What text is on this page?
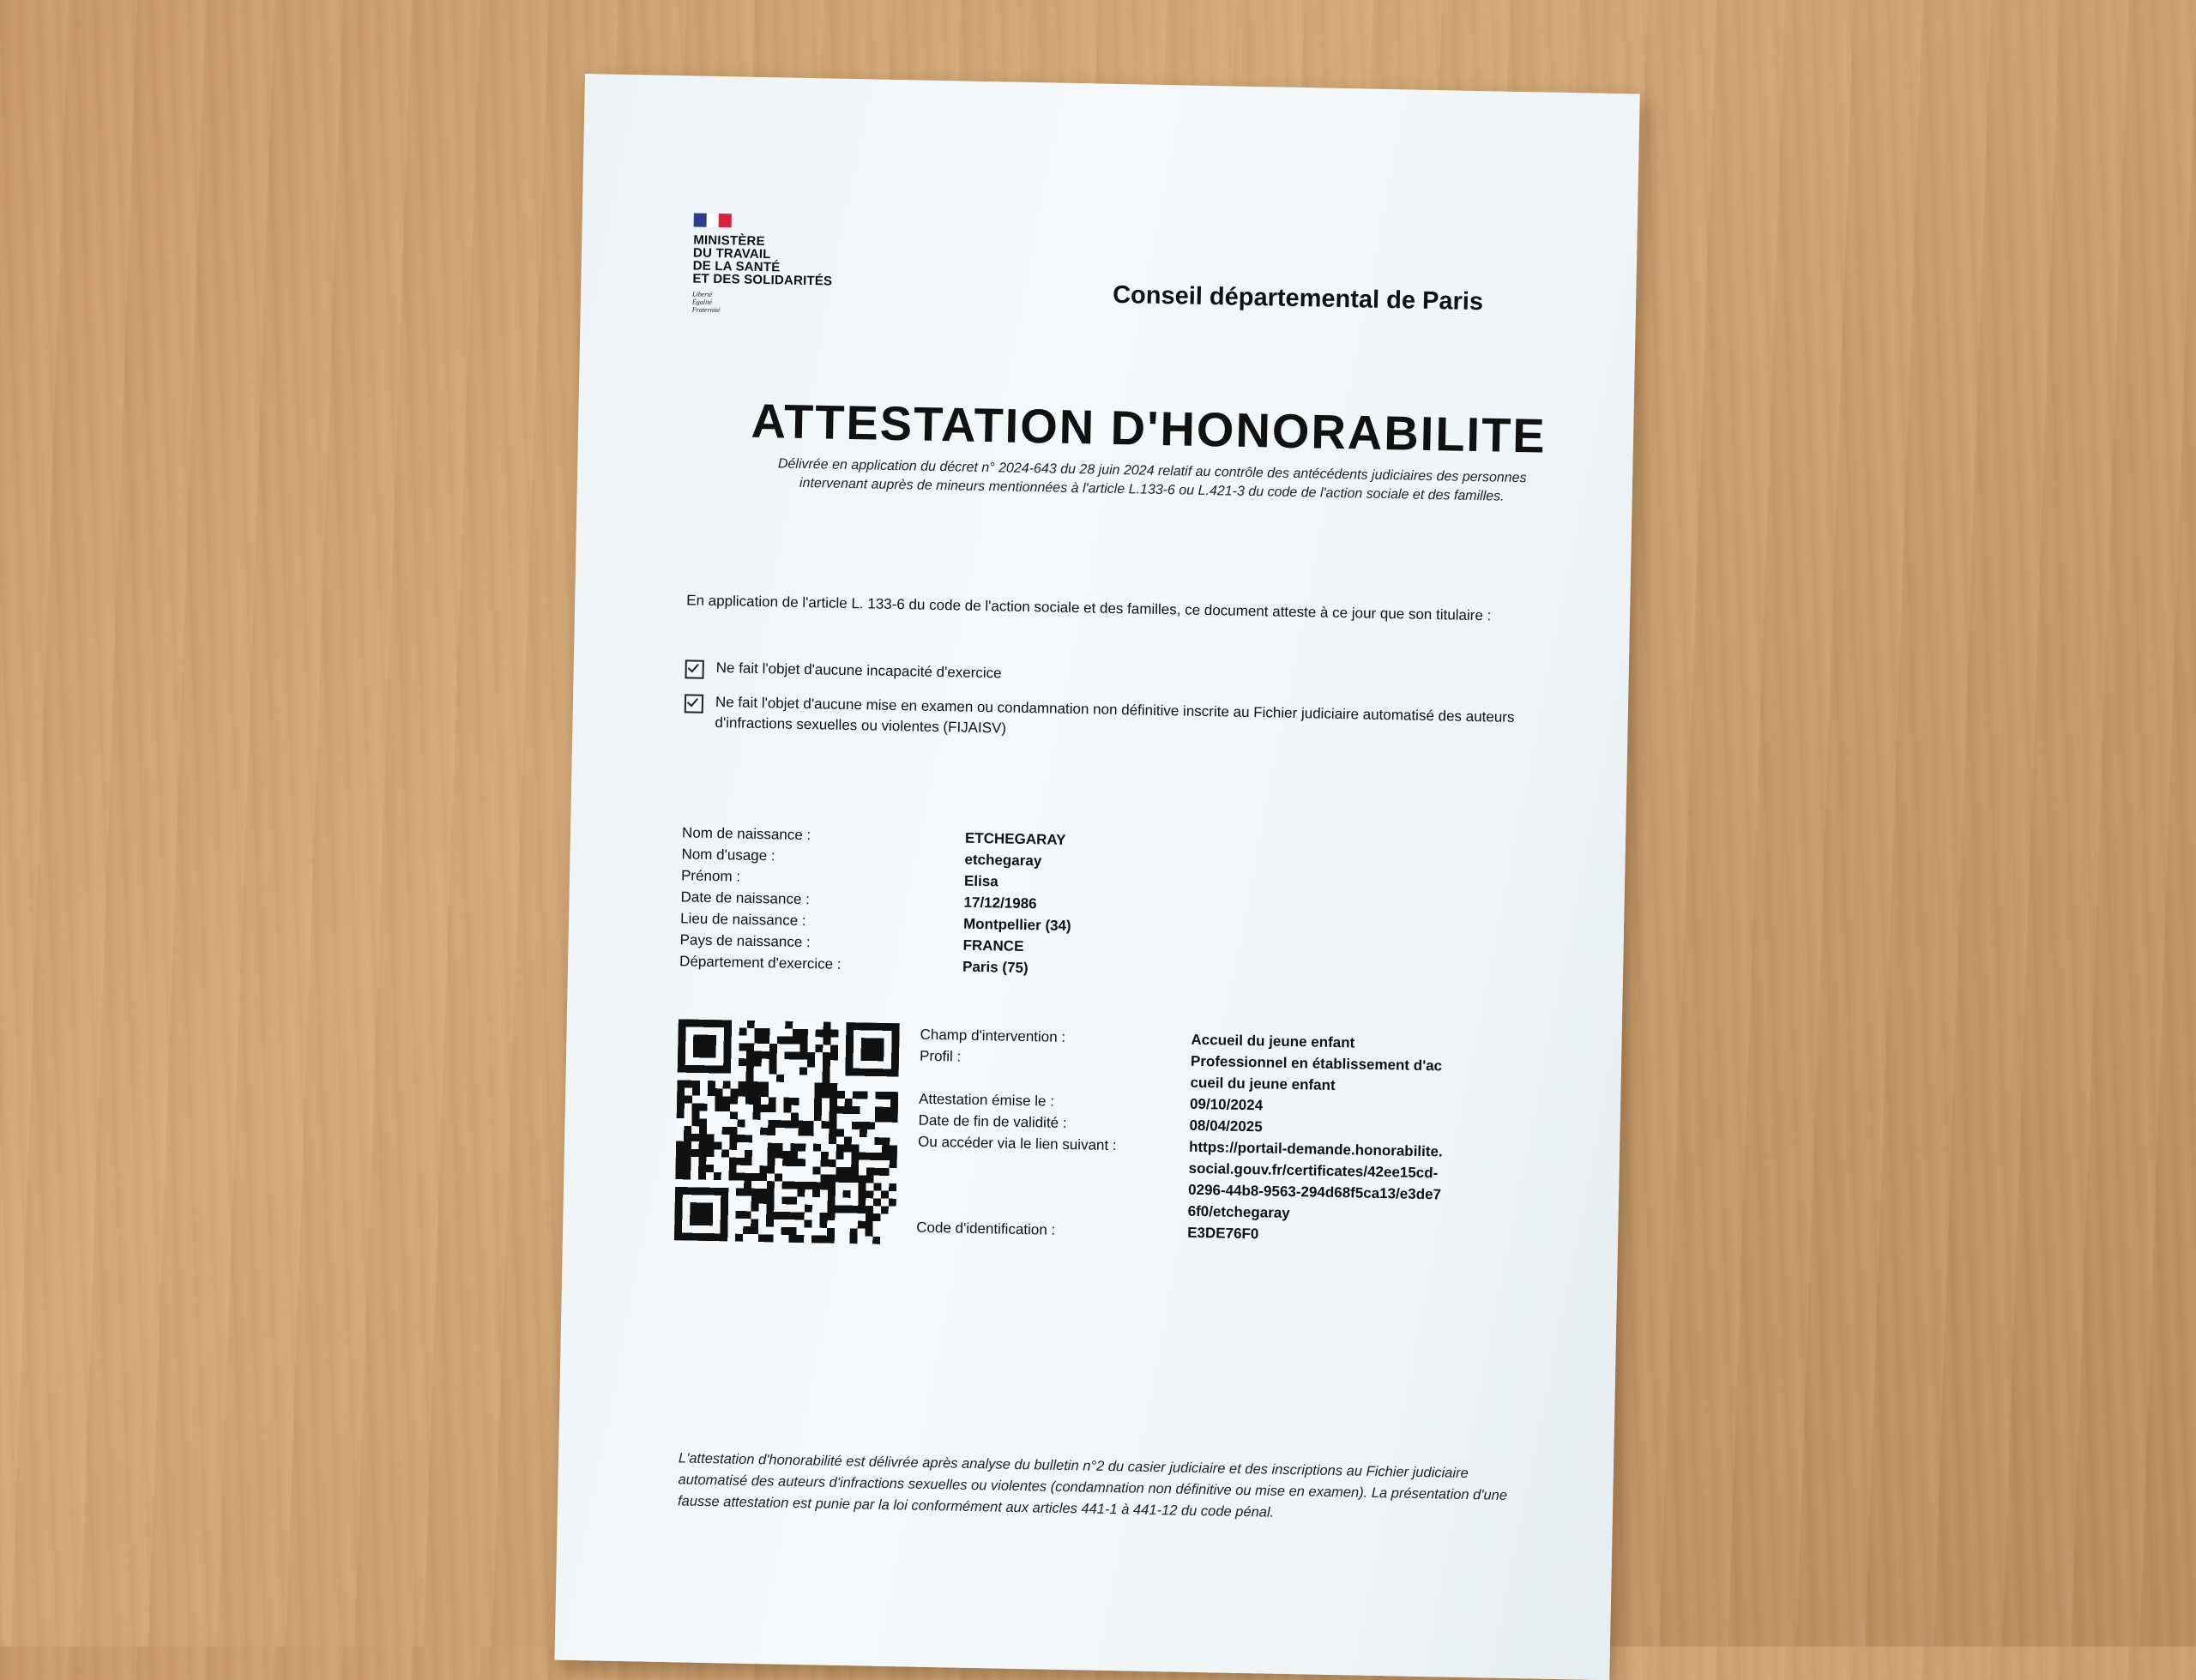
MINISTÈRE
DU TRAVAIL
DE LA SANTÉ
ET DES SOLIDARITÉS
Liberté
Égalité
Fraternité	Conseil départemental de Paris
ATTESTATION D'HONORABILITE
Délivrée en application du décret n° 2024-643 du 28 juin 2024 relatif au contrôle des antécédents judiciaires des personnes intervenant auprès de mineurs mentionnées à l'article L.133-6 ou L.421-3 du code de l'action sociale et des familles.
En application de l'article L. 133-6 du code de l'action sociale et des familles, ce document atteste à ce jour que son titulaire :
Ne fait l'objet d'aucune incapacité d'exercice
Ne fait l'objet d'aucune mise en examen ou condamnation non définitive inscrite au Fichier judiciaire automatisé des auteurs d'infractions sexuelles ou violentes (FIJAISV)
Nom de naissance :	ETCHEGARAY
Nom d'usage :	etchegaray
Prénom :	Elisa
Date de naissance :	17/12/1986
Lieu de naissance :	Montpellier (34)
Pays de naissance :	FRANCE
Département d'exercice :	Paris (75)
Champ d'intervention :	Accueil du jeune enfant
Profil :	Professionnel en établissement d'accueil du jeune enfant
Attestation émise le :	09/10/2024
Date de fin de validité :	08/04/2025
Ou accéder via le lien suivant :	https://portail-demande.honorabilite.social.gouv.fr/certificates/42ee15cd-0296-44b8-9563-294d68f5ca13/e3de76f0/etchegaray
Code d'identification :	E3DE76F0
L'attestation d'honorabilité est délivrée après analyse du bulletin n°2 du casier judiciaire et des inscriptions au Fichier judiciaire automatisé des auteurs d'infractions sexuelles ou violentes (condamnation non définitive ou mise en examen). La présentation d'une fausse attestation est punie par la loi conformément aux articles 441-1 à 441-12 du code pénal.
